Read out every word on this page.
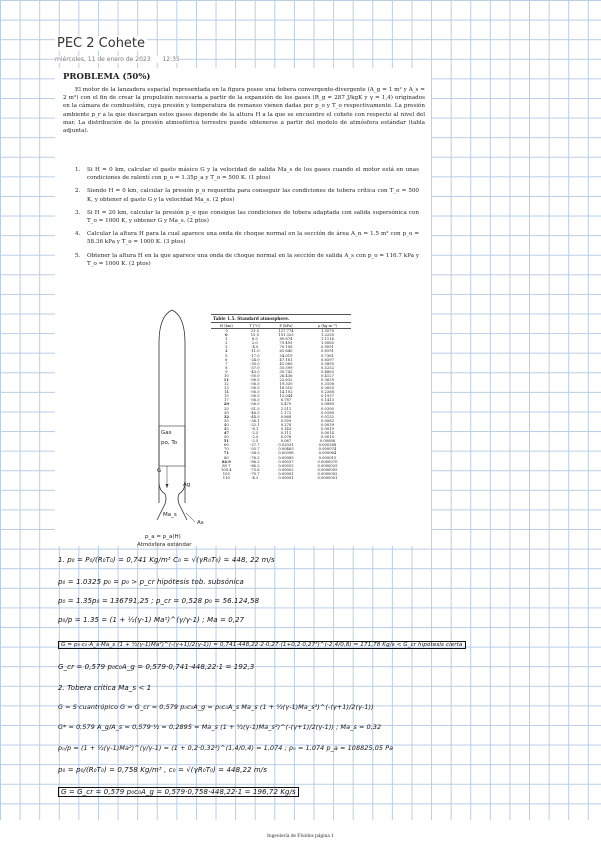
PEC 2 Cohete
miércoles, 11 de enero de 2023 12:35
PROBLEMA (50%)
El motor de la lanzadera espacial representada en la figura posee una tobera convergente-divergente (A_g = 1 m² y A_s = 2 m²) con el fin de crear la propulsión necesaria a partir de la expansión de los gases (R_g = 287 J/kgK y γ = 1,4) originados en la cámara de combustión, cuya presión y temperatura de remanso vienen dadas por p_o y T_o respectivamente. La presión ambiente p_r a la que descargan estos gases depende de la altura H a la que se encuentre el cohete con respecto al nivel del mar. La distribución de la presión atmosférica terrestre puede obtenerse a partir del modelo de atmósfera estándar (tabla adjunta).
1. Si H = 0 km, calcular el gasto másico G y la velocidad de salida Ma_s de los gases cuando el motor está en unas condiciones de ralentí con p_o = 1.35p_a y T_o = 500 K. (1 ptos)
2. Siendo H = 0 km, calcular la presión p_o requerida para conseguir las condiciones de tobera crítica con T_o = 500 K, y obtener el gasto G y la velocidad Ma_s. (2 ptos)
3. Si H = 20 km, calcular la presión p_o que consigue las condiciones de tobera adaptada con salida supersónica con T_o = 1000 K, y obtener G y Ma_s. (2 ptos)
4. Calcular la altura H para la cual aparece una onda de choque normal en la sección de área A_n = 1.5 m² con p_o = 58.36 kPa y T_o = 1000 K. (3 ptos)
5. Obtener la altura H en la que aparece una onda de choque normal en la sección de salida A_s con p_o = 116.7 kPa y T_o = 1000 K. (2 ptos)
Gas
po, To
G
Ag
Ma_s
As
p_a = p_a(H)
Atmósfera estándar
Table 1.5. Standard atmosphere.
H (km)	T (°C)	P (kPa)	ρ (kg·m⁻³)
-2	21.5	127.774	1.5070
0	15.0	101.325	1.2250
1	8.5	89.874	1.1116
2	2.0	79.495	1.0065
3	-4.5	70.108	0.9091
4	-11.0	61.640	0.8191
5	-17.5	54.019	0.7361
6	-24.0	47.181	0.6597
7	-30.5	41.060	0.5895
8	-37.0	35.599	0.5252
9	-43.5	30.742	0.4663
10	-50.0	26.436	0.4127
11	-56.5	22.632	0.3639
12	-56.5	19.330	0.3108
13	-56.5	16.510	0.2655
14	-56.5	14.102	0.2268
15	-56.5	12.044	0.1937
17	-56.5	8.787	0.1413
20	-56.5	5.475	0.0880
25	-51.5	2.511	0.0395
30	-46.5	1.172	0.0180
32	-44.5	0.868	0.0132
35	-36.1	0.559	0.0082
40	-22.1	0.278	0.0039
45	-8.1	0.143	0.0019
47	-2.5	0.111	0.0014
50	-2.5	0.076	0.0010
51	-2.5	0.067	0.00086
60	-27.7	0.02031	0.000288
70	-55.7	0.00463	0.000074
71	-58.5	0.00396	0.000064
80	-76.5	0.00089	0.000015
84.9	-86.2	0.00037	0.0000070
89.7	-86.2	0.00015	0.0000029
100.4	-73.6	0.00002	0.0000005
105	-70.7	0.00001	0.0000002
110	-4.2	0.00001	0.0000001
1. p₀ = P₀/(R₀T₀) = 0,741 Kg/m³ C₀ = √(γR₀T₀) = 448, 22 m/s
p₀ = 1.0325 p₀ = p₀ > p_cr hipótesis tob. subsónica
p₀ = 1.35p₀ = 136791,25 ; p_cr = 0,528 p₀ = 56.124,58
p₀/p = 1.35 = (1 + ½(γ-1) Ma²)^(γ/γ-1) ; Ma = 0,27
G = p₀·c₀·A_s·Ma_s (1 + ½(γ-1)Ma²)^(-(γ+1)/2(γ-1)) = 0,741·448,22·2·0,27·(1+0,2·0,27²)^(-2,4/0,8) = 171,78 Kg/s < G_cr hipótesis cierta
G_cr = 0,579 p₀c₀A_g = 0,579·0,741·448,22·1 = 192,3
2. Tobera crítica Ma_s < 1
G = S·cuantrópico G = G_cr = 0,579 p₀c₀A_g = p₀c₀A_s Ma_s (1 + ½(γ-1)Ma_s²)^(-(γ+1)/2(γ-1))
G* = 0,579 A_g/A_s = 0,579·½ = 0,2895 = Ma_s (1 + ½(γ-1)Ma_s²)^(-(γ+1)/2(γ-1)) ; Ma_s = 0,32
p₀/p = (1 + ½(γ-1)Ma²)^(γ/γ-1) = (1 + 0,2·0,32²)^(1,4/0,4) = 1,074 ; p₀ = 1,074 p_a = 108825,05 Pa
p₀ = p₀/(R₀T₀) = 0,758 Kg/m³ , c₀ = √(γR₀T₀) = 448,22 m/s
G = G_cr = 0,579 p₀c₀A_g = 0,579·0,758·448,22·1 = 196,72 Kg/s
Ingeniería de Fluidos página 1
